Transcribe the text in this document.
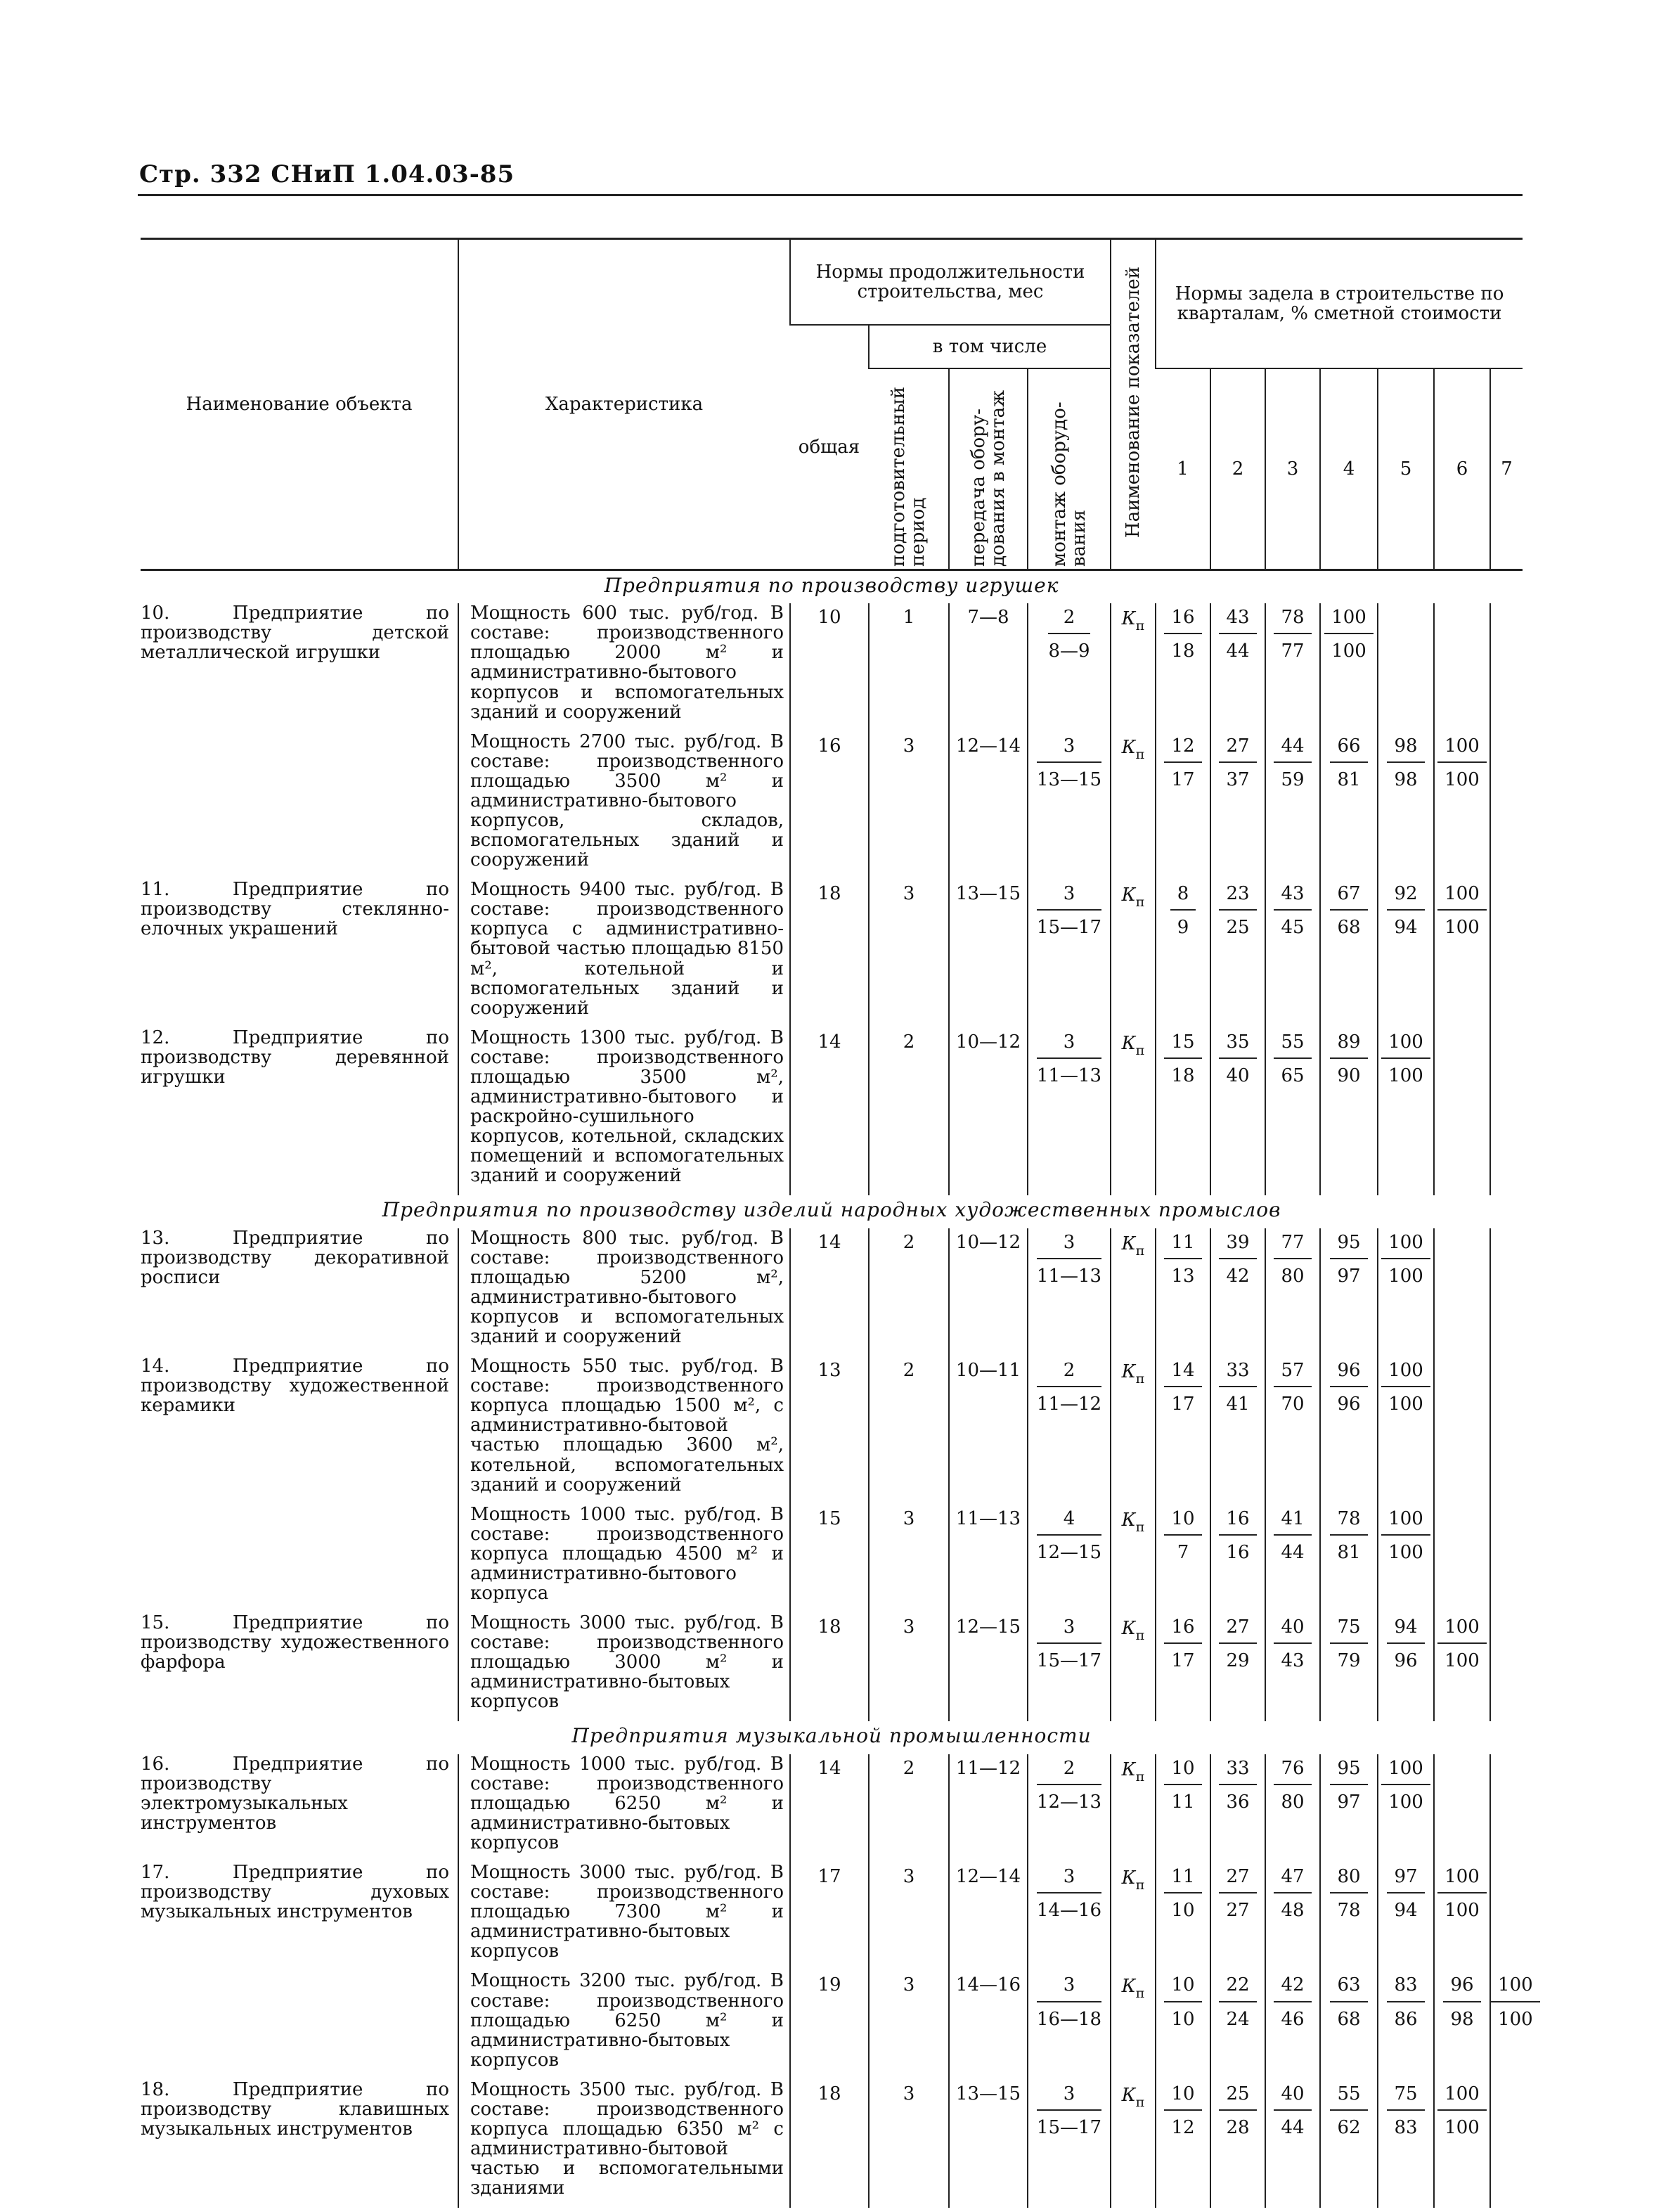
Стр. 332 СНиП 1.04.03-85
Наименование объекта	Характеристика	Нормы продолжительности строительства, мес				Наименование показателей	Нормы задела в строительстве по кварталам, % сметной стоимости						
		общая	в том числе										
			подготовительный период	передача обору- дования в монтаж	монтаж оборудо- вания								
							1	2	3	4	5	6	7
Предприятия по производству игрушек													
10. Предприятие по производству детской металлической игрушки	Мощность 600 тыс. руб/год. В составе: производственного площадью 2000 м² и административно-бытового корпусов и вспомогательных зданий и сооружений	10	1	7—8	$\frac{2}{8—9}$	$К_п$	$\frac{16}{18}$	$\frac{43}{44}$	$\frac{78}{77}$	$\frac{100}{100}$

	Мощность 2700 тыс. руб/год. В составе: производственного площадью 3500 м² и административно-бытового корпусов, складов, вспомогательных зданий и сооружений	16	3	12—14	$\frac{3}{13—15}$	$К_п$	$\frac{12}{17}$	$\frac{27}{37}$	$\frac{44}{59}$	$\frac{66}{81}$	$\frac{98}{98}$	$\frac{100}{100}$

11. Предприятие по производству стеклянно-елочных украшений	Мощность 9400 тыс. руб/год. В составе: производственного корпуса с административно-бытовой частью площадью 8150 м², котельной и вспомогательных зданий и сооружений	18	3	13—15	$\frac{3}{15—17}$	$К_п$	$\frac{8}{9}$	$\frac{23}{25}$	$\frac{43}{45}$	$\frac{67}{68}$	$\frac{92}{94}$	$\frac{100}{100}$

12. Предприятие по производству деревянной игрушки	Мощность 1300 тыс. руб/год. В составе: производственного площадью 3500 м², административно-бытового и раскройно-сушильного корпусов, котельной, складских помещений и вспомогательных зданий и сооружений	14	2	10—12	$\frac{3}{11—13}$	$К_п$	$\frac{15}{18}$	$\frac{35}{40}$	$\frac{55}{65}$	$\frac{89}{90}$	$\frac{100}{100}$

Предприятия по производству изделий народных художественных промыслов													
13. Предприятие по производству декоративной росписи	Мощность 800 тыс. руб/год. В составе: производственного площадью 5200 м², административно-бытового корпусов и вспомогательных зданий и сооружений	14	2	10—12	$\frac{3}{11—13}$	$К_п$	$\frac{11}{13}$	$\frac{39}{42}$	$\frac{77}{80}$	$\frac{95}{97}$	$\frac{100}{100}$

14. Предприятие по производству художественной керамики	Мощность 550 тыс. руб/год. В составе: производственного корпуса площадью 1500 м², с административно-бытовой частью площадью 3600 м², котельной, вспомогательных зданий и сооружений	13	2	10—11	$\frac{2}{11—12}$	$К_п$	$\frac{14}{17}$	$\frac{33}{41}$	$\frac{57}{70}$	$\frac{96}{96}$	$\frac{100}{100}$

	Мощность 1000 тыс. руб/год. В составе: производственного корпуса площадью 4500 м² и административно-бытового корпуса	15	3	11—13	$\frac{4}{12—15}$	$К_п$	$\frac{10}{7}$	$\frac{16}{16}$	$\frac{41}{44}$	$\frac{78}{81}$	$\frac{100}{100}$

15. Предприятие по производству художественного фарфора	Мощность 3000 тыс. руб/год. В составе: производственного площадью 3000 м² и административно-бытовых корпусов	18	3	12—15	$\frac{3}{15—17}$	$К_п$	$\frac{16}{17}$	$\frac{27}{29}$	$\frac{40}{43}$	$\frac{75}{79}$	$\frac{94}{96}$	$\frac{100}{100}$

Предприятия музыкальной промышленности													
16. Предприятие по производству электромузыкальных инструментов	Мощность 1000 тыс. руб/год. В составе: производственного площадью 6250 м² и административно-бытовых корпусов	14	2	11—12	$\frac{2}{12—13}$	$К_п$	$\frac{10}{11}$	$\frac{33}{36}$	$\frac{76}{80}$	$\frac{95}{97}$	$\frac{100}{100}$

17. Предприятие по производству духовых музыкальных инструментов	Мощность 3000 тыс. руб/год. В составе: производственного площадью 7300 м² и административно-бытовых корпусов	17	3	12—14	$\frac{3}{14—16}$	$К_п$	$\frac{11}{10}$	$\frac{27}{27}$	$\frac{47}{48}$	$\frac{80}{78}$	$\frac{97}{94}$	$\frac{100}{100}$

	Мощность 3200 тыс. руб/год. В составе: производственного площадью 6250 м² и административно-бытовых корпусов	19	3	14—16	$\frac{3}{16—18}$	$К_п$	$\frac{10}{10}$	$\frac{22}{24}$	$\frac{42}{46}$	$\frac{63}{68}$	$\frac{83}{86}$	$\frac{96}{98}$	$\frac{100}{100}$

18. Предприятие по производству клавишных музыкальных инструментов	Мощность 3500 тыс. руб/год. В составе: производственного корпуса площадью 6350 м² с административно-бытовой частью и вспомогательными зданиями	18	3	13—15	$\frac{3}{15—17}$	$К_п$	$\frac{10}{12}$	$\frac{25}{28}$	$\frac{40}{44}$	$\frac{55}{62}$	$\frac{75}{83}$	$\frac{100}{100}$
